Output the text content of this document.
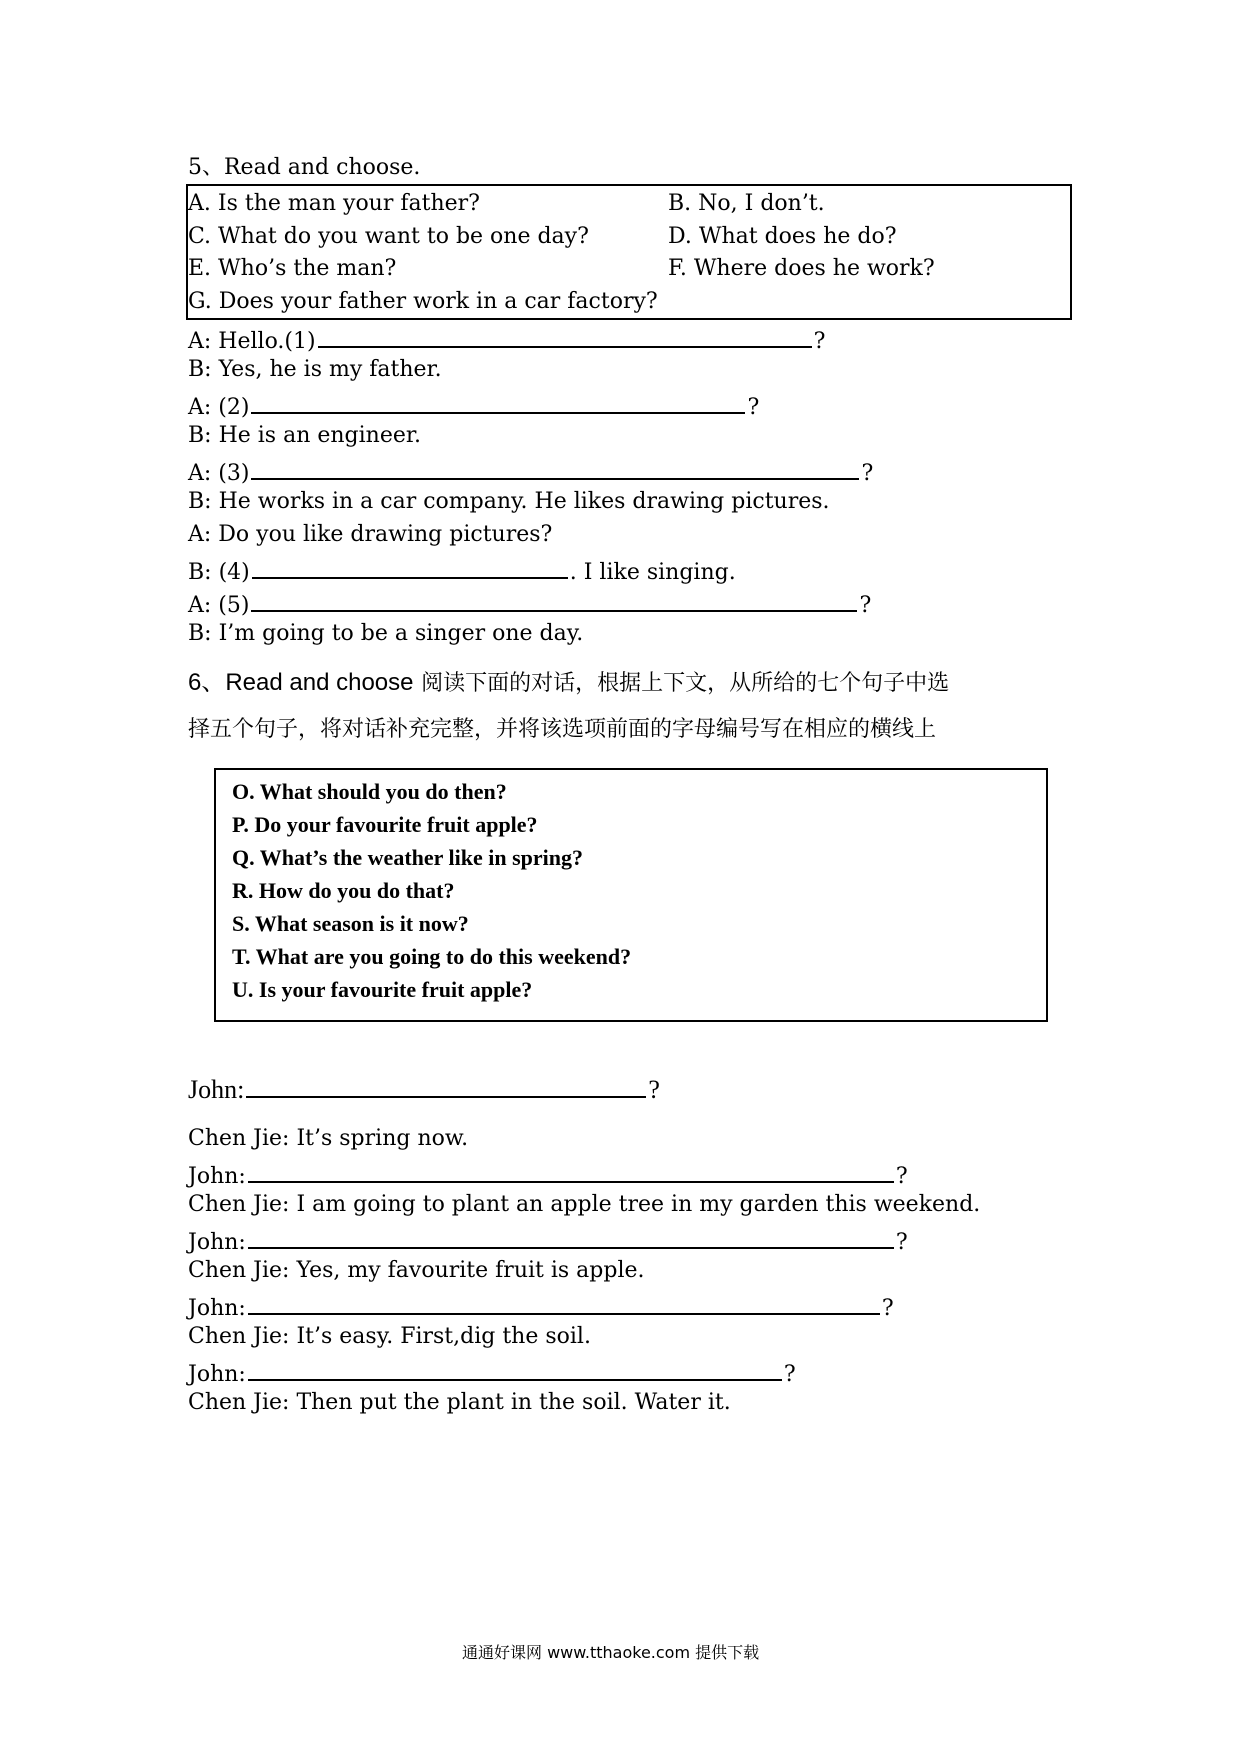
5、Read and choose.
A. Is the man your father?	B. No, I don’t.
C. What do you want to be one day?	D. What does he do?
E. Who’s the man?	F. Where does he work?
G. Does your father work in a car factory?
A: Hello.(1)	?
B: Yes, he is my father.
A: (2)	?
B: He is an engineer.
A: (3)	?
B: He works in a car company. He likes drawing pictures.
A: Do you like drawing pictures?
B: (4)	. I like singing.
A: (5)	?
B: I’m going to be a singer one day.
6、Read and choose 阅读下面的对话，根据上下文，从所给的七个句子中选
择五个句子，将对话补充完整，并将该选项前面的字母编号写在相应的横线上
O. What should you do then?
P. Do your favourite fruit apple?
Q. What’s the weather like in spring?
R. How do you do that?
S. What season is it now?
T. What are you going to do this weekend?
U. Is your favourite fruit apple?
John:	?
Chen Jie: It’s spring now.
John:	?
Chen Jie: I am going to plant an apple tree in my garden this weekend.
John:	?
Chen Jie: Yes, my favourite fruit is apple.
John:	?
Chen Jie: It’s easy. First,dig the soil.
John:	?
Chen Jie: Then put the plant in the soil. Water it.
通通好课网 www.tthaoke.com 提供下载
